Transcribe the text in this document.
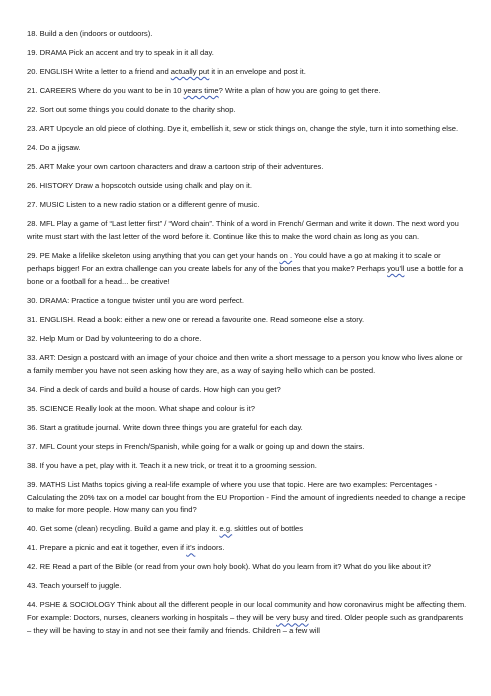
18. Build a den (indoors or outdoors).
19. DRAMA Pick an accent and try to speak in it all day.
20. ENGLISH Write a letter to a friend and actually put it in an envelope and post it.
21. CAREERS Where do you want to be in 10 years time? Write a plan of how you are going to get there.
22. Sort out some things you could donate to the charity shop.
23. ART Upcycle an old piece of clothing. Dye it, embellish it, sew or stick things on, change the style, turn it into something else.
24. Do a jigsaw.
25. ART Make your own cartoon characters and draw a cartoon strip of their adventures.
26. HISTORY Draw a hopscotch outside using chalk and play on it.
27. MUSIC Listen to a new radio station or a different genre of music.
28. MFL Play a game of “Last letter first” / “Word chain”. Think of a word in French/ German and write it down. The next word you write must start with the last letter of the word before it. Continue like this to make the word chain as long as you can.
29. PE Make a lifelike skeleton using anything that you can get your hands on . You could have a go at making it to scale or perhaps bigger! For an extra challenge can you create labels for any of the bones that you make? Perhaps you’ll use a bottle for a bone or a football for a head... be creative!
30. DRAMA: Practice a tongue twister until you are word perfect.
31. ENGLISH. Read a book: either a new one or reread a favourite one. Read someone else a story.
32. Help Mum or Dad by volunteering to do a chore.
33. ART: Design a postcard with an image of your choice and then write a short message to a person you know who lives alone or a family member you have not seen asking how they are, as a way of saying hello which can be posted.
34. Find a deck of cards and build a house of cards. How high can you get?
35. SCIENCE Really look at the moon. What shape and colour is it?
36. Start a gratitude journal. Write down three things you are grateful for each day.
37. MFL Count your steps in French/Spanish, while going for a walk or going up and down the stairs.
38. If you have a pet, play with it. Teach it a new trick, or treat it to a grooming session.
39. MATHS List Maths topics giving a real-life example of where you use that topic. Here are two examples: Percentages - Calculating the 20% tax on a model car bought from the EU Proportion - Find the amount of ingredients needed to change a recipe to make for more people. How many can you find?
40. Get some (clean) recycling. Build a game and play it. e.g. skittles out of bottles
41. Prepare a picnic and eat it together, even if it’s indoors.
42. RE Read a part of the Bible (or read from your own holy book). What do you learn from it? What do you like about it?
43. Teach yourself to juggle.
44. PSHE & SOCIOLOGY Think about all the different people in our local community and how coronavirus might be affecting them. For example: Doctors, nurses, cleaners working in hospitals – they will be very busy and tired. Older people such as grandparents – they will be having to stay in and not see their family and friends. Children – a few will
